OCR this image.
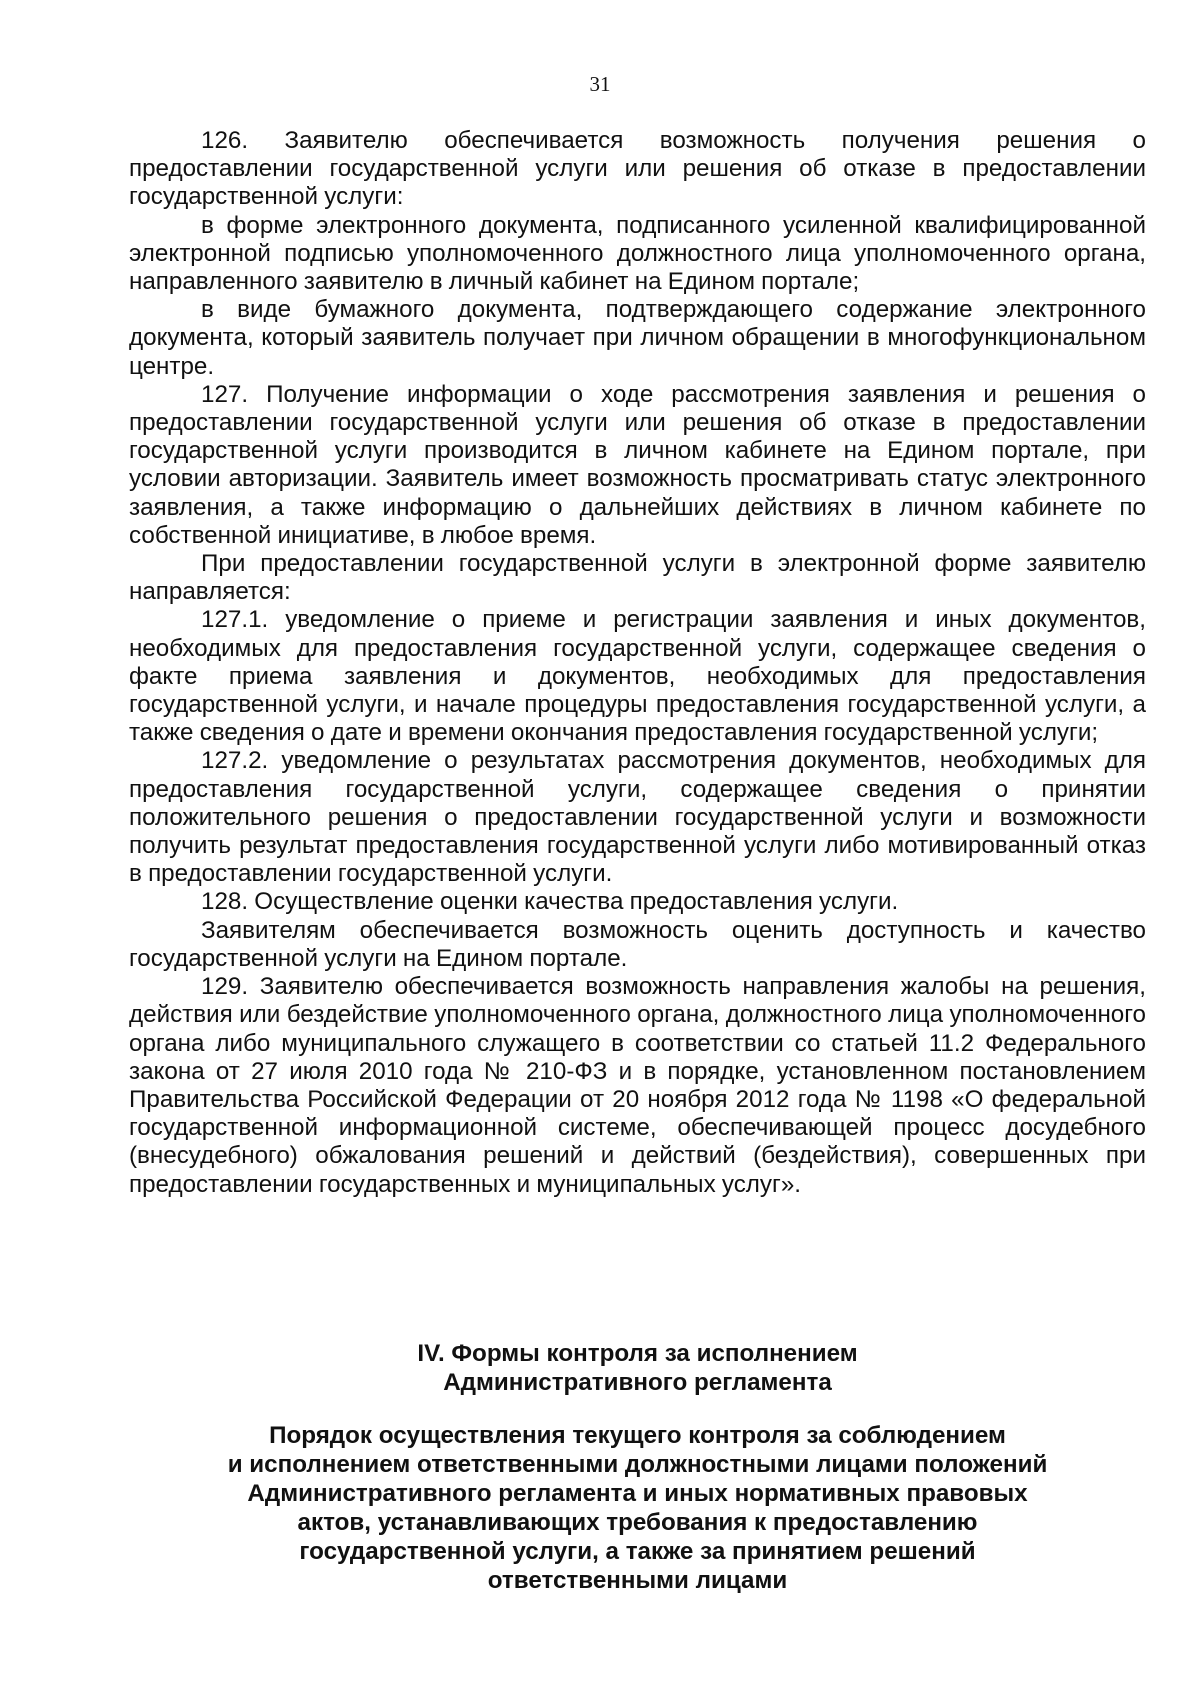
31

126. Заявителю обеспечивается возможность получения решения о предоставлении государственной услуги или решения об отказе в предоставлении государственной услуги:

в форме электронного документа, подписанного усиленной квалифицированной электронной подписью уполномоченного должностного лица уполномоченного органа, направленного заявителю в личный кабинет на Едином портале;

в виде бумажного документа, подтверждающего содержание электронного документа, который заявитель получает при личном обращении в многофункциональном центре.

127. Получение информации о ходе рассмотрения заявления и решения о предоставлении государственной услуги или решения об отказе в предоставлении государственной услуги производится в личном кабинете на Едином портале, при условии авторизации. Заявитель имеет возможность просматривать статус электронного заявления, а также информацию о дальнейших действиях в личном кабинете по собственной инициативе, в любое время.

При предоставлении государственной услуги в электронной форме заявителю направляется:

127.1. уведомление о приеме и регистрации заявления и иных документов, необходимых для предоставления государственной услуги, содержащее сведения о факте приема заявления и документов, необходимых для предоставления государственной услуги, и начале процедуры предоставления государственной услуги, а также сведения о дате и времени окончания предоставления государственной услуги;

127.2. уведомление о результатах рассмотрения документов, необходимых для предоставления государственной услуги, содержащее сведения о принятии положительного решения о предоставлении государственной услуги и возможности получить результат предоставления государственной услуги либо мотивированный отказ в предоставлении государственной услуги.

128. Осуществление оценки качества предоставления услуги.

Заявителям обеспечивается возможность оценить доступность и качество государственной услуги на Едином портале.

129. Заявителю обеспечивается возможность направления жалобы на решения, действия или бездействие уполномоченного органа, должностного лица уполномоченного органа либо муниципального служащего в соответствии со статьей 11.2 Федерального закона от 27 июля 2010 года № 210-ФЗ и в порядке, установленном постановлением Правительства Российской Федерации от 20 ноября 2012 года № 1198 «О федеральной государственной информационной системе, обеспечивающей процесс досудебного (внесудебного) обжалования решений и действий (бездействия), совершенных при предоставлении государственных и муниципальных услуг».

IV. Формы контроля за исполнением
Административного регламента
Порядок осуществления текущего контроля за соблюдением
и исполнением ответственными должностными лицами положений
Административного регламента и иных нормативных правовых
актов, устанавливающих требования к предоставлению
государственной услуги, а также за принятием решений
ответственными лицами
